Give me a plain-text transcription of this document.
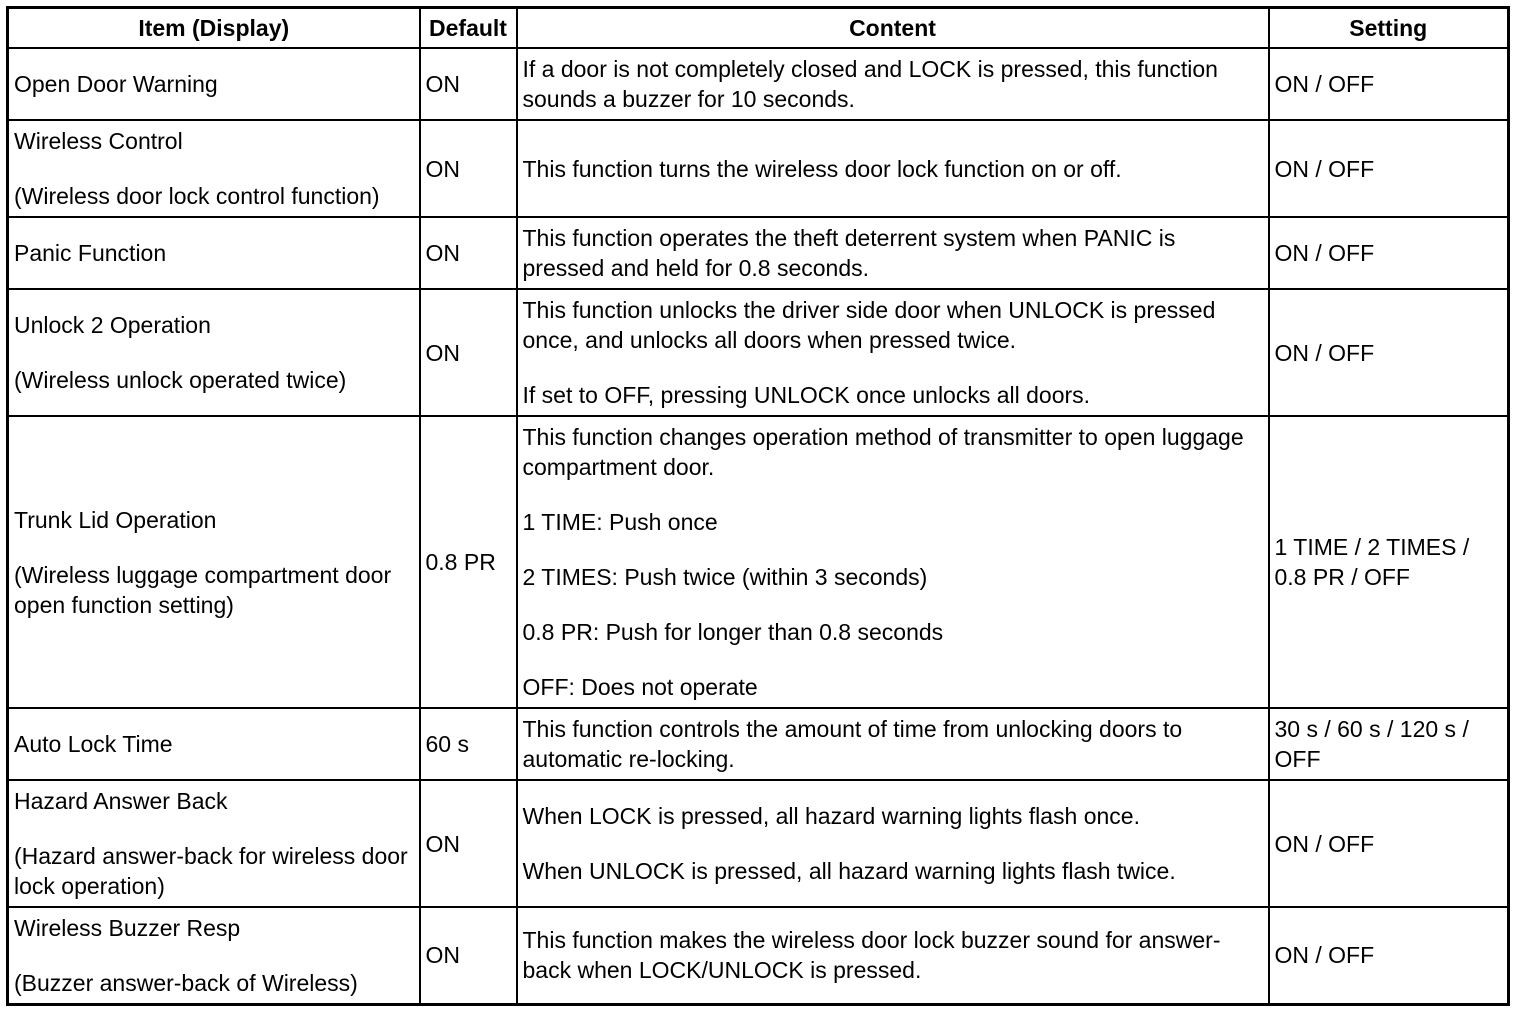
Item (Display)	Default	Content	Setting

Open Door Warning	ON	If a door is not completely closed and LOCK is pressed, this function sounds a buzzer for 10 seconds.	ON / OFF

Wireless Control
(Wireless door lock control function)	ON	This function turns the wireless door lock function on or off.	ON / OFF

Panic Function	ON	This function operates the theft deterrent system when PANIC is pressed and held for 0.8 seconds.	ON / OFF

Unlock 2 Operation
(Wireless unlock operated twice)	ON	This function unlocks the driver side door when UNLOCK is pressed once, and unlocks all doors when pressed twice.
If set to OFF, pressing UNLOCK once unlocks all doors.	ON / OFF

Trunk Lid Operation
(Wireless luggage compartment door open function setting)	0.8 PR	This function changes operation method of transmitter to open luggage compartment door.
1 TIME: Push once
2 TIMES: Push twice (within 3 seconds)
0.8 PR: Push for longer than 0.8 seconds
OFF: Does not operate	1 TIME / 2 TIMES / 0.8 PR / OFF

Auto Lock Time	60 s	This function controls the amount of time from unlocking doors to automatic re-locking.	30 s / 60 s / 120 s / OFF

Hazard Answer Back
(Hazard answer-back for wireless door lock operation)	ON	When LOCK is pressed, all hazard warning lights flash once.
When UNLOCK is pressed, all hazard warning lights flash twice.	ON / OFF

Wireless Buzzer Resp
(Buzzer answer-back of Wireless)	ON	This function makes the wireless door lock buzzer sound for answer-back when LOCK/UNLOCK is pressed.	ON / OFF
